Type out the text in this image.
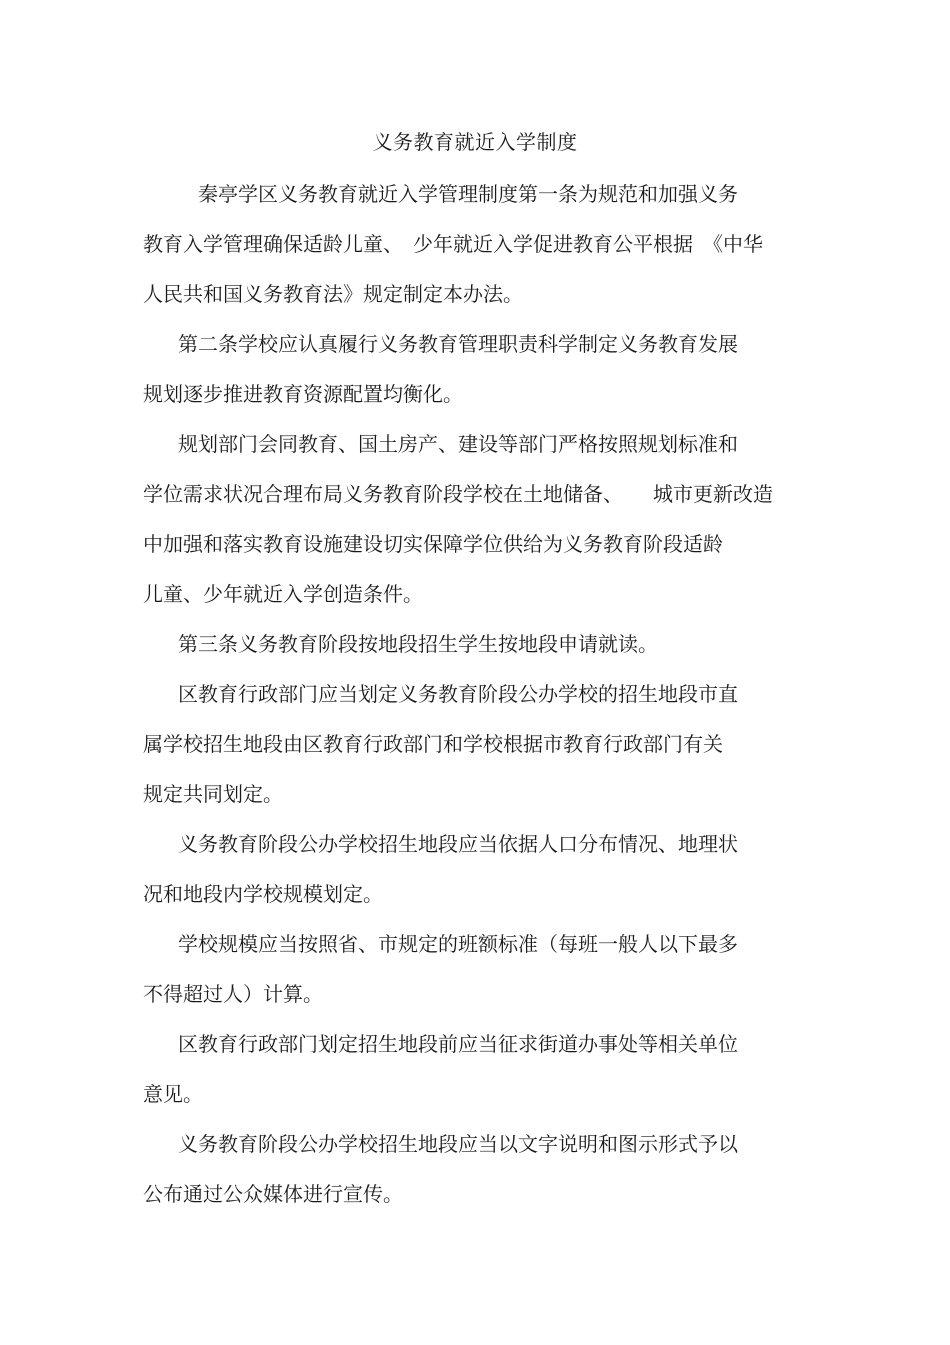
义务教育就近入学制度

秦亭学区义务教育就近入学管理制度第一条为规范和加强义务

教育入学管理确保适龄儿童、　少年就近入学促进教育公平根据　《中华

人民共和国义务教育法》规定制定本办法。

第二条学校应认真履行义务教育管理职责科学制定义务教育发展

规划逐步推进教育资源配置均衡化。

规划部门会同教育、国土房产、建设等部门严格按照规划标准和

学位需求状况合理布局义务教育阶段学校在土地储备、　　城市更新改造

中加强和落实教育设施建设切实保障学位供给为义务教育阶段适龄

儿童、少年就近入学创造条件。

第三条义务教育阶段按地段招生学生按地段申请就读。

区教育行政部门应当划定义务教育阶段公办学校的招生地段市直

属学校招生地段由区教育行政部门和学校根据市教育行政部门有关

规定共同划定。

义务教育阶段公办学校招生地段应当依据人口分布情况、地理状

况和地段内学校规模划定。

学校规模应当按照省、市规定的班额标准（每班一般人以下最多

不得超过人）计算。

区教育行政部门划定招生地段前应当征求街道办事处等相关单位

意见。

义务教育阶段公办学校招生地段应当以文字说明和图示形式予以

公布通过公众媒体进行宣传。
